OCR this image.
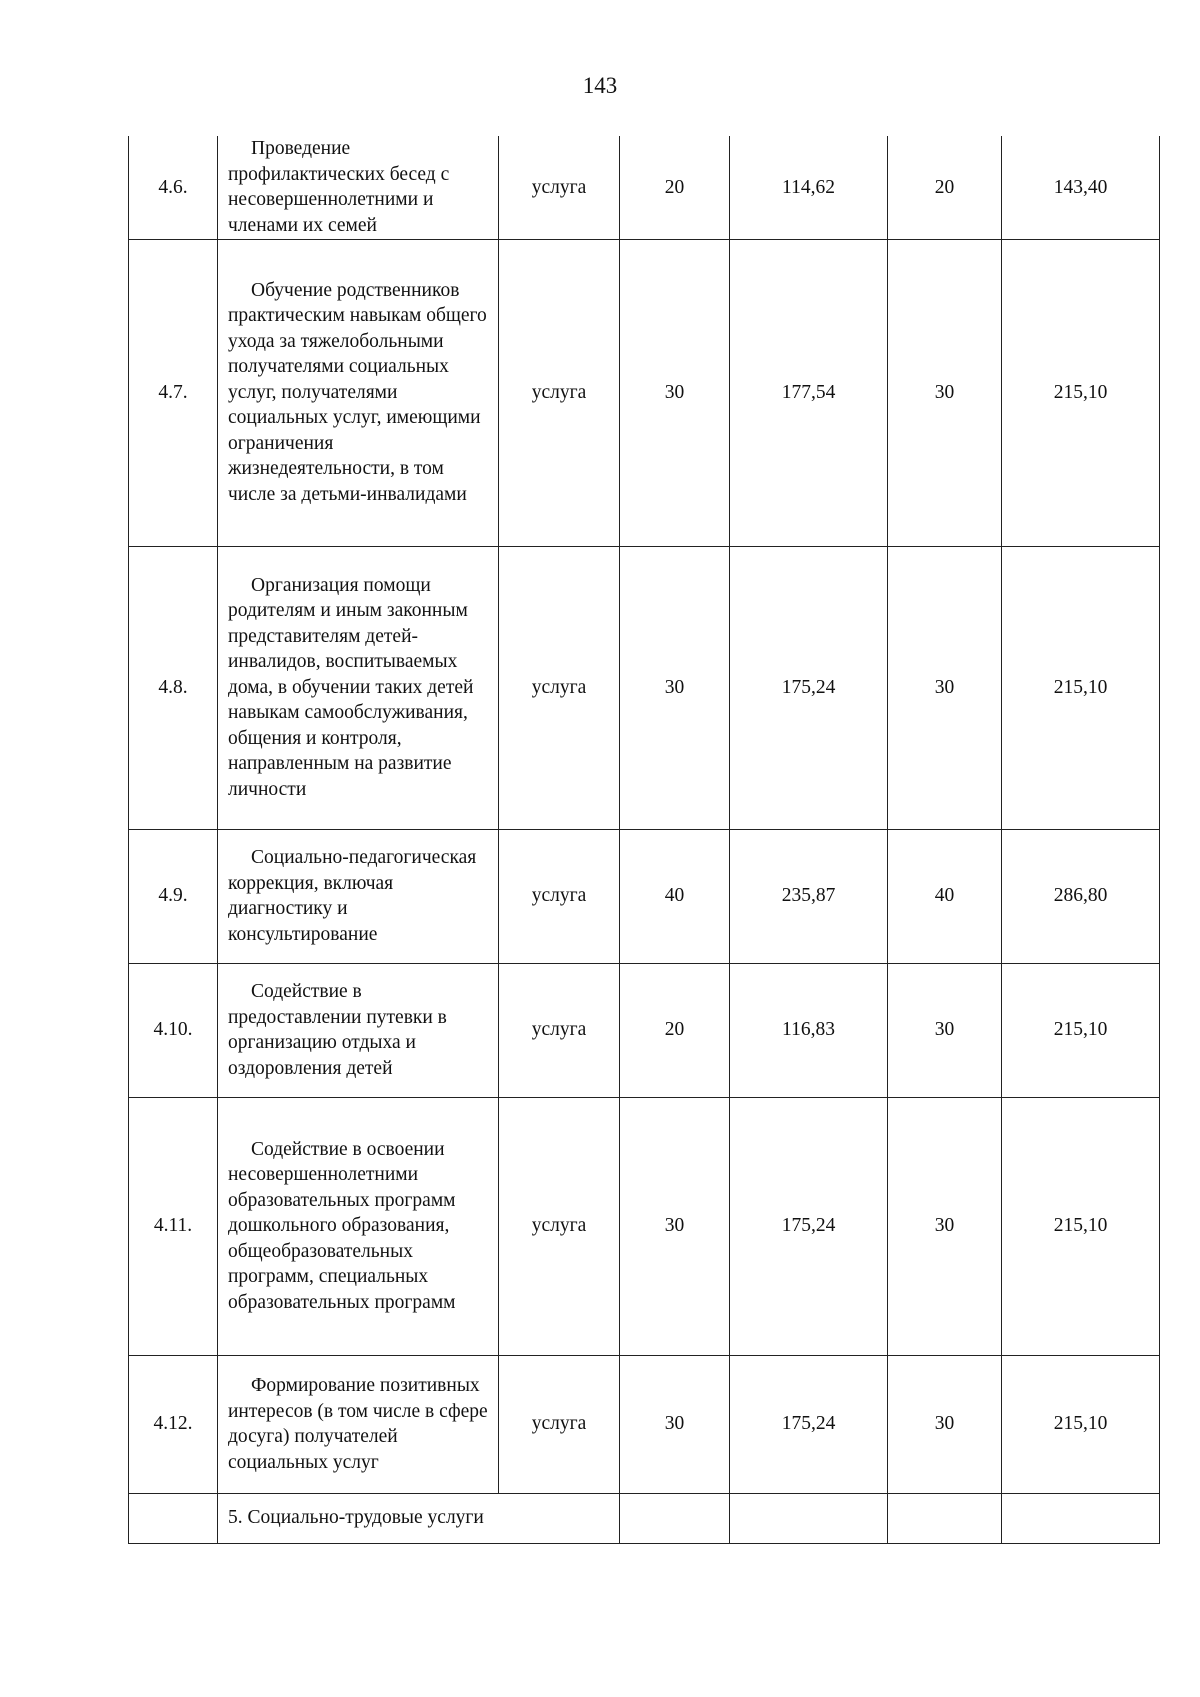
143
4.6.	Проведение профилактических бесед с несовершеннолетними и членами их семей	услуга	20	114,62	20	143,40
4.7.	Обучение родственников практическим навыкам общего ухода за тяжелобольными получателями социальных услуг, получателями социальных услуг, имеющими ограничения жизнедеятельности, в том числе за детьми-инвалидами	услуга	30	177,54	30	215,10
4.8.	Организация помощи родителям и иным законным представителям детей-инвалидов, воспитываемых дома, в обучении таких детей навыкам самообслуживания, общения и контроля, направленным на развитие личности	услуга	30	175,24	30	215,10
4.9.	Социально-педагогическая коррекция, включая диагностику и консультирование	услуга	40	235,87	40	286,80
4.10.	Содействие в предоставлении путевки в организацию отдыха и оздоровления детей	услуга	20	116,83	30	215,10
4.11.	Содействие в освоении несовершеннолетними образовательных программ дошкольного образования, общеобразовательных программ, специальных образовательных программ	услуга	30	175,24	30	215,10
4.12.	Формирование позитивных интересов (в том числе в сфере досуга) получателей социальных услуг	услуга	30	175,24	30	215,10
	5. Социально-трудовые услуги					
